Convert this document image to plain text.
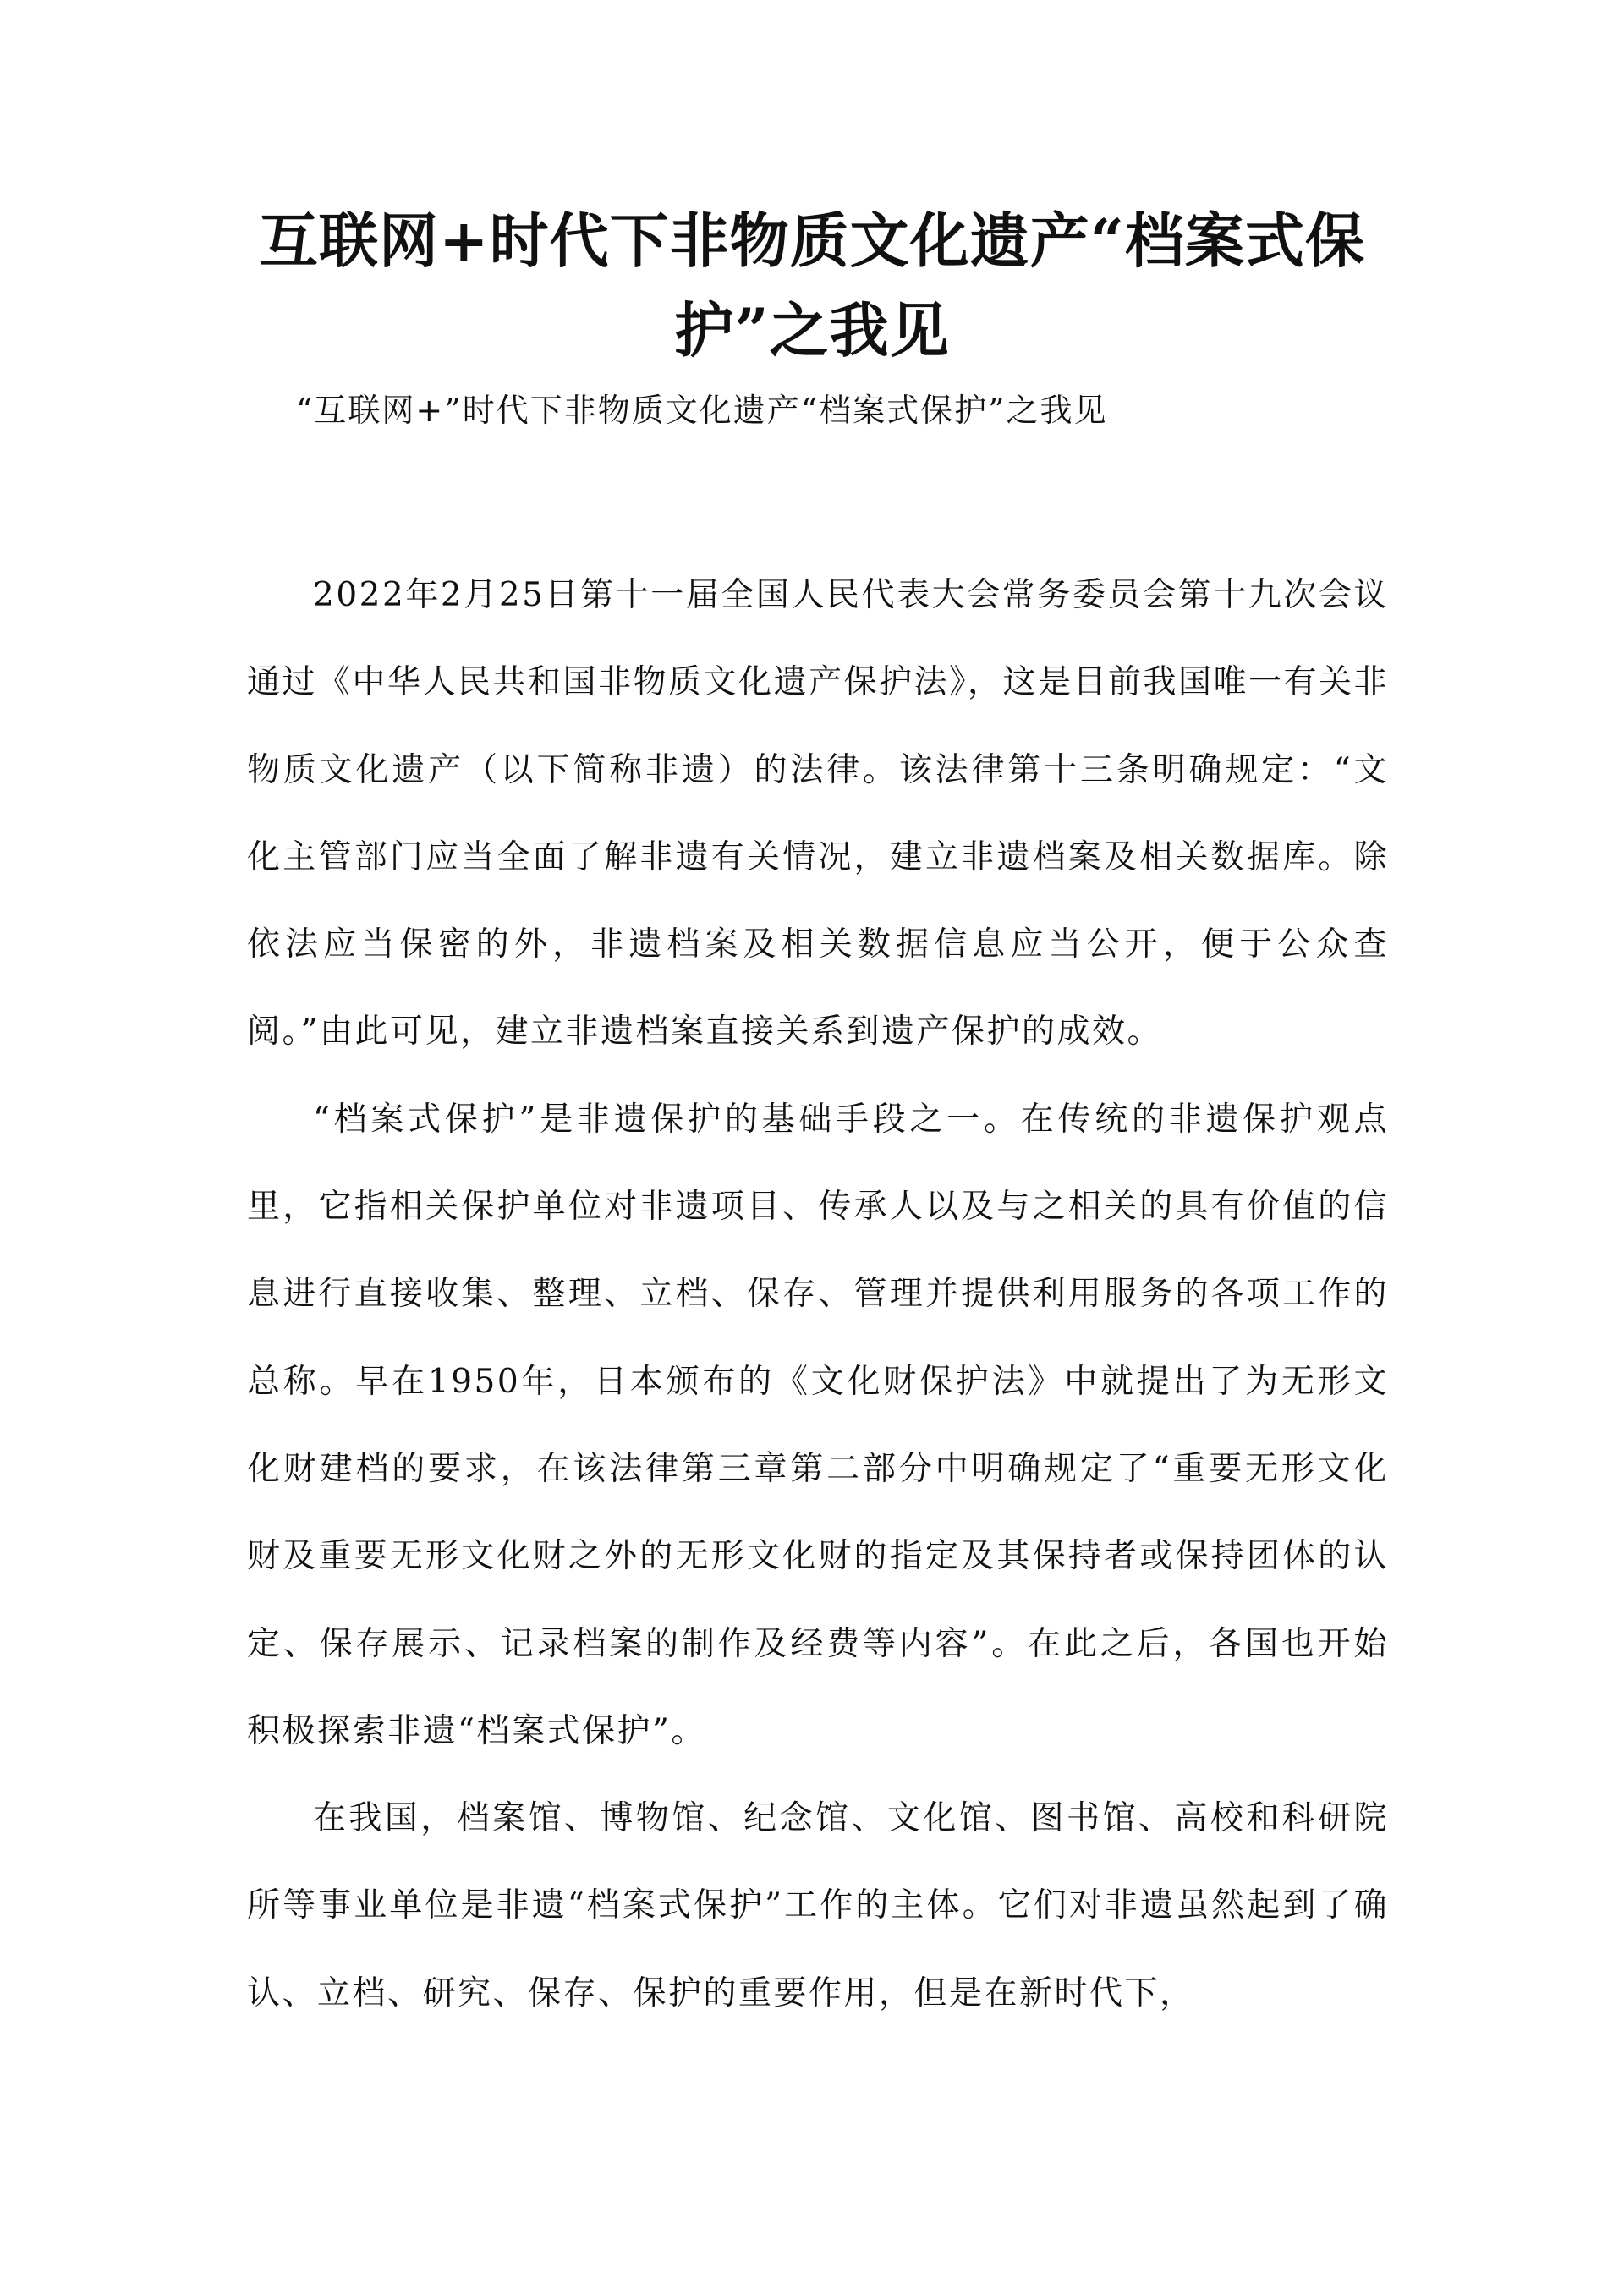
互联网+时代下非物质文化遗产“档案式保护”之我见

“互联网+”时代下非物质文化遗产“档案式保护”之我见

2022年2月25日第十一届全国人民代表大会常务委员会第十九次会议通过《中华人民共和国非物质文化遗产保护法》，这是目前我国唯一有关非物质文化遗产（以下简称非遗）的法律。该法律第十三条明确规定：“文化主管部门应当全面了解非遗有关情况，建立非遗档案及相关数据库。除依法应当保密的外，非遗档案及相关数据信息应当公开，便于公众查阅。”由此可见，建立非遗档案直接关系到遗产保护的成效。

“档案式保护”是非遗保护的基础手段之一。在传统的非遗保护观点里，它指相关保护单位对非遗项目、传承人以及与之相关的具有价值的信息进行直接收集、整理、立档、保存、管理并提供利用服务的各项工作的总称。早在1950年，日本颁布的《文化财保护法》中就提出了为无形文化财建档的要求，在该法律第三章第二部分中明确规定了“重要无形文化财及重要无形文化财之外的无形文化财的指定及其保持者或保持团体的认定、保存展示、记录档案的制作及经费等内容”。在此之后，各国也开始积极探索非遗“档案式保护”。

在我国，档案馆、博物馆、纪念馆、文化馆、图书馆、高校和科研院所等事业单位是非遗“档案式保护”工作的主体。它们对非遗虽然起到了确认、立档、研究、保存、保护的重要作用，但是在新时代下，
